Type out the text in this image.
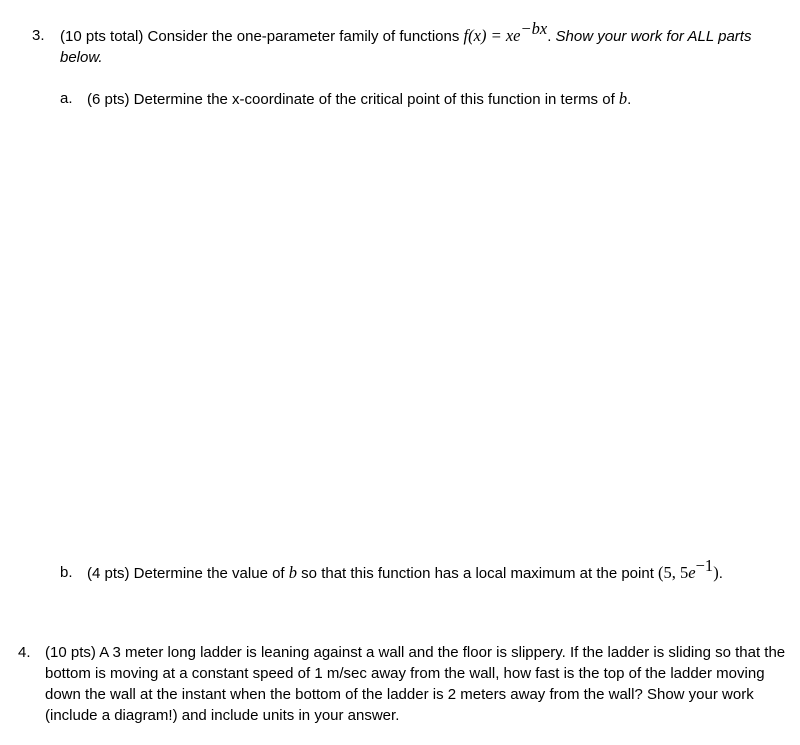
3. (10 pts total) Consider the one-parameter family of functions $f(x) = xe^{-bx}$. Show your work for ALL parts below.
a. (6 pts) Determine the x-coordinate of the critical point of this function in terms of b.
b. (4 pts) Determine the value of b so that this function has a local maximum at the point (5, $5e^{-1}$).
4. (10 pts) A 3 meter long ladder is leaning against a wall and the floor is slippery. If the ladder is sliding so that the bottom is moving at a constant speed of 1 m/sec away from the wall, how fast is the top of the ladder moving down the wall at the instant when the bottom of the ladder is 2 meters away from the wall? Show your work (include a diagram!) and include units in your answer.
